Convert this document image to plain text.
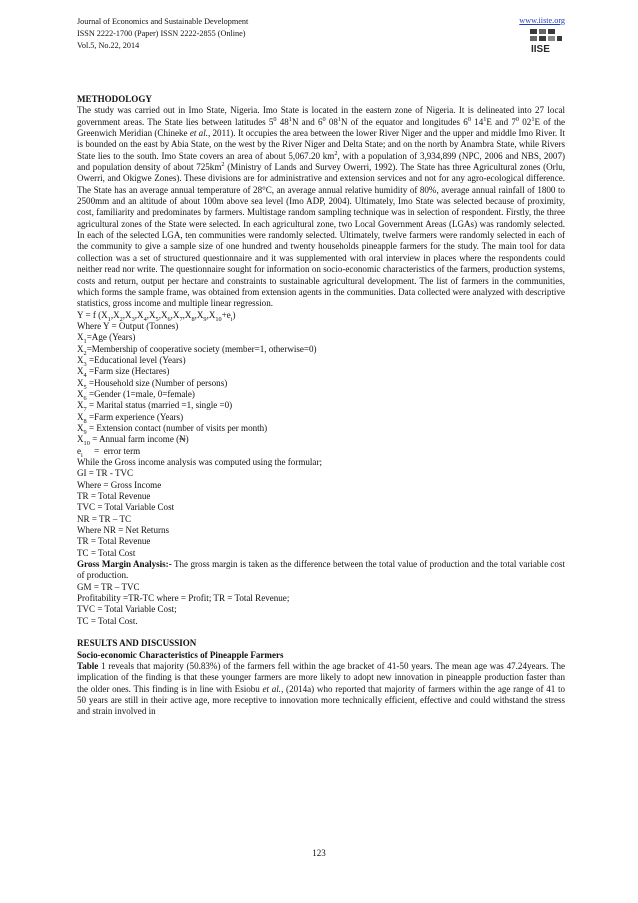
Journal of Economics and Sustainable Development
ISSN 2222-1700 (Paper) ISSN 2222-2855 (Online)
Vol.5, No.22, 2014
www.iiste.org
IISE
METHODOLOGY

The study was carried out in Imo State, Nigeria. Imo State is located in the eastern zone of Nigeria. It is delineated into 27 local government areas. The State lies between latitudes $5^0$ $48^1N$ and $6^0$ $08^1N$ of the equator and longitudes $6^0$ $14^1E$ and $7^0$ $02^1E$ of the Greenwich Meridian (Chineke et al., 2011). It occupies the area between the lower River Niger and the upper and middle Imo River. It is bounded on the east by Abia State, on the west by the River Niger and Delta State; and on the north by Anambra State, while Rivers State lies to the south. Imo State covers an area of about 5,067.20 $km^2$, with a population of 3,934,899 (NPC, 2006 and NBS, 2007) and population density of about $725km^2$ (Ministry of Lands and Survey Owerri, 1992). The State has three Agricultural zones (Orlu, Owerri, and Okigwe Zones). These divisions are for administrative and extension services and not for any agro-ecological difference. The State has an average annual temperature of 28°C, an average annual relative humidity of 80%, average annual rainfall of 1800 to 2500mm and an altitude of about 100m above sea level (Imo ADP, 2004). Ultimately, Imo State was selected because of proximity, cost, familiarity and predominates by farmers. Multistage random sampling technique was in selection of respondent. Firstly, the three agricultural zones of the State were selected. In each agricultural zone, two Local Government Areas (LGAs) was randomly selected. In each of the selected LGA, ten communities were randomly selected. Ultimately, twelve farmers were randomly selected in each of the community to give a sample size of one hundred and twenty households pineapple farmers for the study. The main tool for data collection was a set of structured questionnaire and it was supplemented with oral interview in places where the respondents could neither read nor write. The questionnaire sought for information on socio-economic characteristics of the farmers, production systems, costs and return, output per hectare and constraints to sustainable agricultural development. The list of farmers in the communities, which forms the sample frame, was obtained from extension agents in the communities. Data collected were analyzed with descriptive statistics, gross income and multiple linear regression.

Y = f $(X_1,X_2,X_3,X_4,X_5,X_6,X_7,X_8,X_9,X_{10}+e_i)$
Where Y = Output (Tonnes)
$X_1=Age$ (Years)
$X_2=Membership$ of cooperative society (member=1, otherwise=0)
$X_3$ =Educational level (Years)
$X_4$ =Farm size (Hectares)
$X_5$ =Household size (Number of persons)
$X_6$ =Gender (1=male, 0=female)
$X_7$ = Marital status (married =1, single =0)
$X_8$ =Farm experience (Years)
$X_9$ = Extension contact (number of visits per month)
$X_{10}$ = Annual farm income (₦)
$e_i$     =  error term
While the Gross income analysis was computed using the formular;
GI = TR - TVC
Where = Gross Income
TR = Total Revenue
TVC = Total Variable Cost
NR = TR – TC
Where NR = Net Returns
TR = Total Revenue
TC = Total Cost

Gross Margin Analysis:- The gross margin is taken as the difference between the total value of production and the total variable cost of production.

GM = TR – TVC
Profitability =TR-TC where = Profit; TR = Total Revenue;
TVC = Total Variable Cost;
TC = Total Cost.
RESULTS AND DISCUSSION
Socio-economic Characteristics of Pineapple Farmers

Table 1 reveals that majority (50.83%) of the farmers fell within the age bracket of 41-50 years. The mean age was 47.24years. The implication of the finding is that these younger farmers are more likely to adopt new innovation in pineapple production faster than the older ones. This finding is in line with Esiobu et al., (2014a) who reported that majority of farmers within the age range of 41 to 50 years are still in their active age, more receptive to innovation more technically efficient, effective and could withstand the stress and strain involved in

123
